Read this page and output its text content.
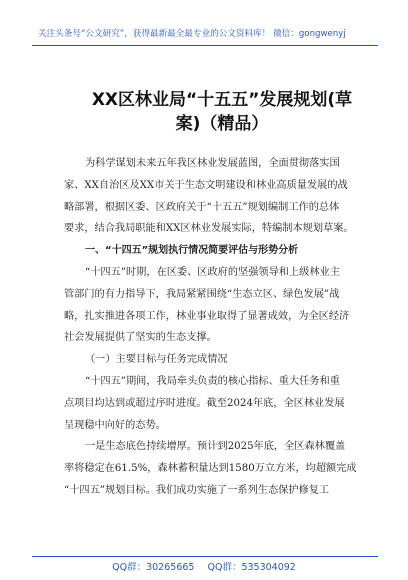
关注头条号“公文研究”，获得最新最全最专业的公文资料库！ 微信：gongwenyj
XX区林业局“十五五”发展规划(草
案)（精品）
为科学谋划未来五年我区林业发展蓝图，全面贯彻落实国
家、XX自治区及XX市关于生态文明建设和林业高质量发展的战
略部署，根据区委、区政府关于“十五五”规划编制工作的总体
要求，结合我局职能和XX区林业发展实际，特编制本规划草案。
一、“十四五”规划执行情况简要评估与形势分析
“十四五”时期，在区委、区政府的坚强领导和上级林业主
管部门的有力指导下，我局紧紧围绕“生态立区、绿色发展”战
略，扎实推进各项工作，林业事业取得了显著成效，为全区经济
社会发展提供了坚实的生态支撑。
（一）主要目标与任务完成情况
“十四五”期间，我局牵头负责的核心指标、重大任务和重
点项目均达到或超过序时进度。截至2024年底，全区林业发展
呈现稳中向好的态势。
一是生态底色持续增厚。预计到2025年底，全区森林覆盖
率将稳定在61.5%，森林蓄积量达到1580万立方米，均超额完成
“十四五”规划目标。我们成功实施了一系列生态保护修复工
QQ群：30265665 QQ群：535304092
